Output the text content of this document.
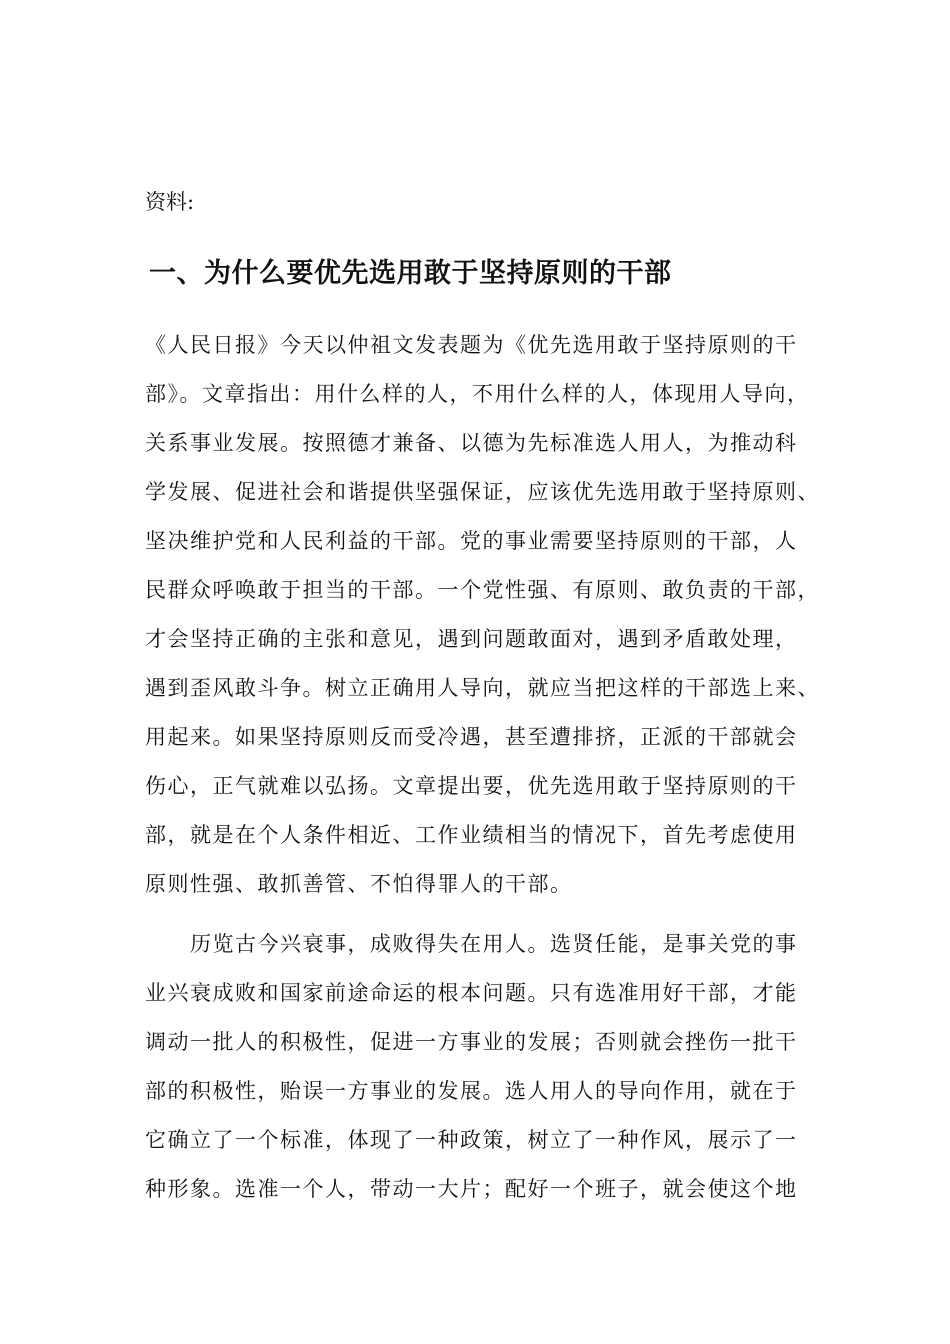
资料:
一、为什么要优先选用敢于坚持原则的干部
《人民日报》今天以仲祖文发表题为《优先选用敢于坚持原则的干
部》。文章指出：用什么样的人，不用什么样的人，体现用人导向，
关系事业发展。按照德才兼备、以德为先标准选人用人，为推动科
学发展、促进社会和谐提供坚强保证，应该优先选用敢于坚持原则、
坚决维护党和人民利益的干部。党的事业需要坚持原则的干部，人
民群众呼唤敢于担当的干部。一个党性强、有原则、敢负责的干部，
才会坚持正确的主张和意见，遇到问题敢面对，遇到矛盾敢处理，
遇到歪风敢斗争。树立正确用人导向，就应当把这样的干部选上来、
用起来。如果坚持原则反而受冷遇，甚至遭排挤，正派的干部就会
伤心，正气就难以弘扬。文章提出要，优先选用敢于坚持原则的干
部，就是在个人条件相近、工作业绩相当的情况下，首先考虑使用
原则性强、敢抓善管、不怕得罪人的干部。
　　历览古今兴衰事，成败得失在用人。选贤任能，是事关党的事
业兴衰成败和国家前途命运的根本问题。只有选准用好干部，才能
调动一批人的积极性，促进一方事业的发展；否则就会挫伤一批干
部的积极性，贻误一方事业的发展。选人用人的导向作用，就在于
它确立了一个标准，体现了一种政策，树立了一种作风，展示了一
种形象。选准一个人，带动一大片；配好一个班子，就会使这个地
